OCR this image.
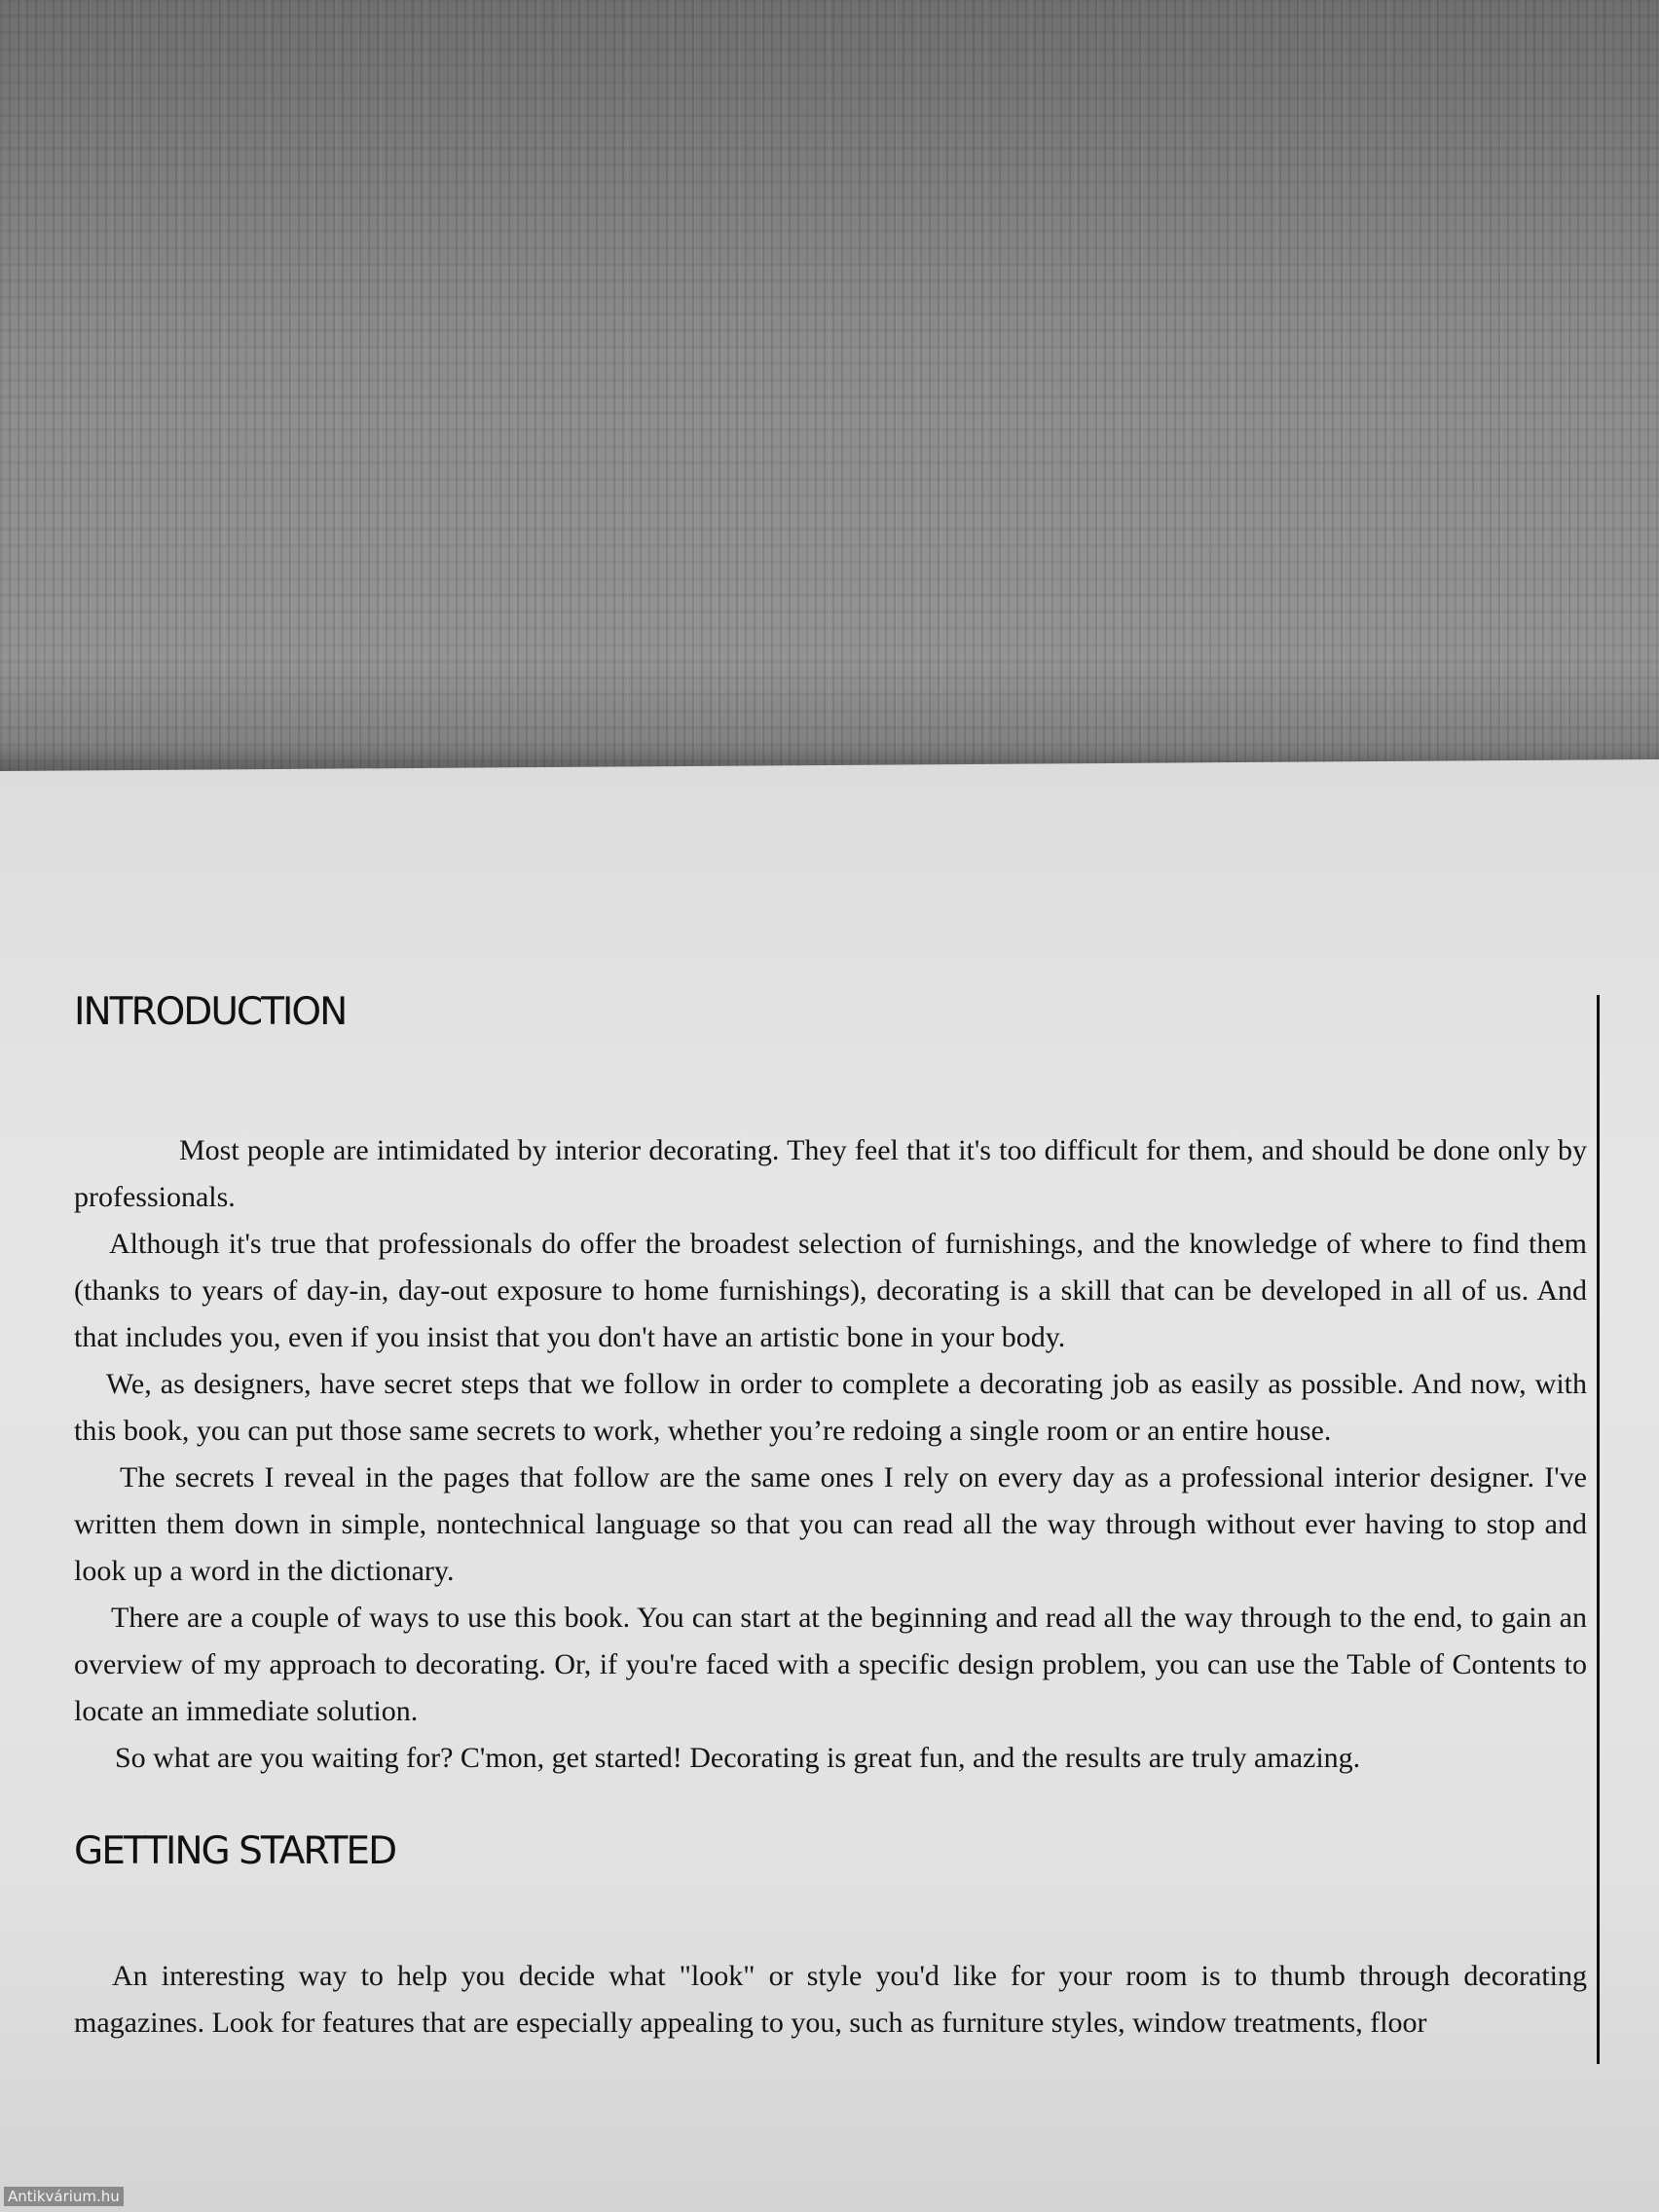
INTRODUCTION

Most people are intimidated by interior decorating. They feel that it's too difficult for them, and should be done only by professionals.

Although it's true that professionals do offer the broadest selection of furnishings, and the knowledge of where to find them (thanks to years of day-in, day-out exposure to home furnishings), decorating is a skill that can be developed in all of us. And that includes you, even if you insist that you don't have an artistic bone in your body.

We, as designers, have secret steps that we follow in order to complete a decorating job as easily as possible. And now, with this book, you can put those same secrets to work, whether you’re redoing a single room or an entire house.

The secrets I reveal in the pages that follow are the same ones I rely on every day as a professional interior designer. I've written them down in simple, nontechnical language so that you can read all the way through without ever having to stop and look up a word in the dictionary.

There are a couple of ways to use this book. You can start at the beginning and read all the way through to the end, to gain an overview of my approach to decorating. Or, if you're faced with a specific design problem, you can use the Table of Contents to locate an immediate solution.

So what are you waiting for? C'mon, get started! Decorating is great fun, and the results are truly amazing.

GETTING STARTED

An interesting way to help you decide what "look" or style you'd like for your room is to thumb through decorating magazines. Look for features that are especially appealing to you, such as furniture styles, window treatments, floor

Antikvárium.hu
